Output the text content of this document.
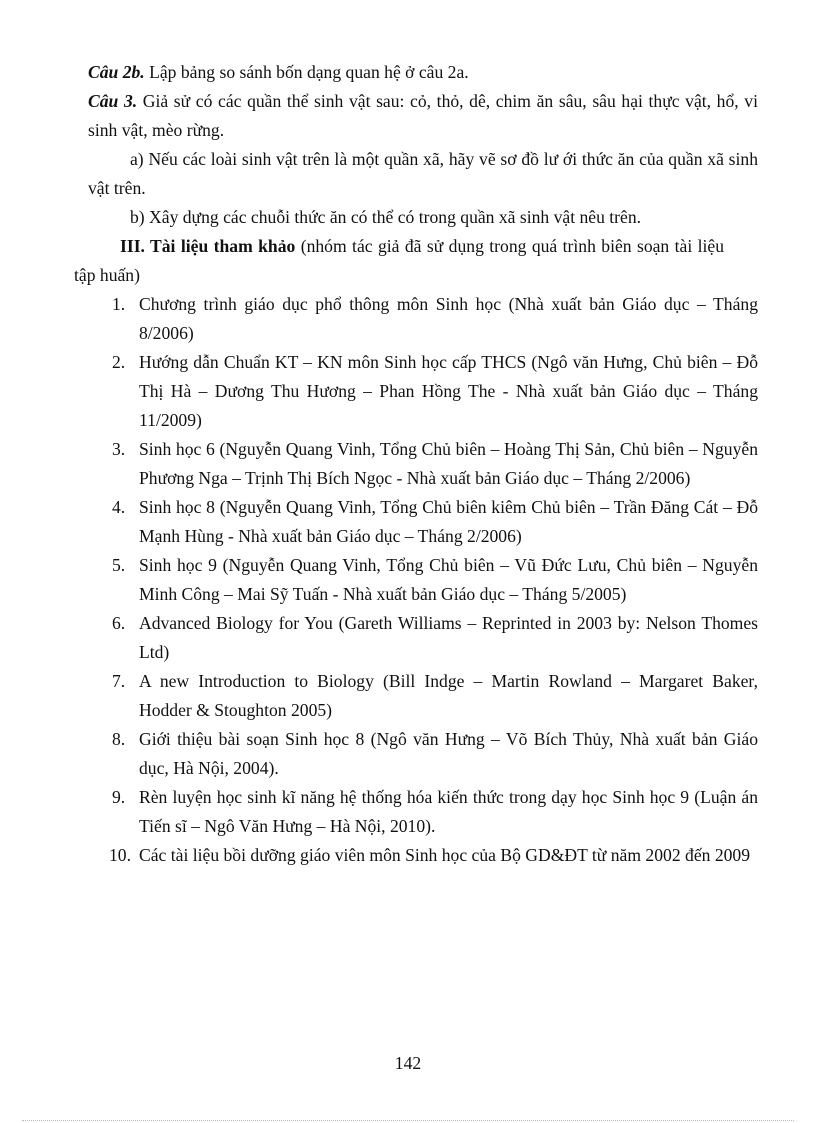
Câu 2b. Lập bảng so sánh bốn dạng quan hệ ở câu 2a.

Câu 3. Giả sử có các quần thể sinh vật sau: cỏ, thỏ, dê, chim ăn sâu, sâu hại thực vật, hổ, vi sinh vật, mèo rừng.

a) Nếu các loài sinh vật trên là một quần xã, hãy vẽ sơ đồ lư ới thức ăn của quần xã sinh vật trên.

b) Xây dựng các chuỗi thức ăn có thể có trong quần xã sinh vật nêu trên.

III. Tài liệu tham khảo (nhóm tác giả đã sử dụng trong quá trình biên soạn tài liệu tập huấn)

1. Chương trình giáo dục phổ thông môn Sinh học (Nhà xuất bản Giáo dục – Tháng 8/2006)
2. Hướng dẫn Chuẩn KT – KN môn Sinh học cấp THCS (Ngô văn Hưng, Chủ biên – Đỗ Thị Hà – Dương Thu Hương – Phan Hồng The - Nhà xuất bản Giáo dục – Tháng 11/2009)
3. Sinh học 6 (Nguyễn Quang Vinh, Tổng Chủ biên – Hoàng Thị Sản, Chủ biên – Nguyễn Phương Nga – Trịnh Thị Bích Ngọc - Nhà xuất bản Giáo dục – Tháng 2/2006)
4. Sinh học 8 (Nguyễn Quang Vinh, Tổng Chủ biên kiêm Chủ biên – Trần Đăng Cát – Đỗ Mạnh Hùng - Nhà xuất bản Giáo dục – Tháng 2/2006)
5. Sinh học 9 (Nguyễn Quang Vinh, Tổng Chủ biên – Vũ Đức Lưu, Chủ biên – Nguyễn Minh Công – Mai Sỹ Tuấn - Nhà xuất bản Giáo dục – Tháng 5/2005)
6. Advanced Biology for You (Gareth Williams – Reprinted in 2003 by: Nelson Thomes Ltd)
7. A new Introduction to Biology (Bill Indge – Martin Rowland – Margaret Baker, Hodder & Stoughton 2005)
8. Giới thiệu bài soạn Sinh học 8 (Ngô văn Hưng – Võ Bích Thủy, Nhà xuất bản Giáo dục, Hà Nội, 2004).
9. Rèn luyện học sinh kĩ năng hệ thống hóa kiến thức trong dạy học Sinh học 9 (Luận án Tiến sĩ – Ngô Văn Hưng – Hà Nội, 2010).
10. Các tài liệu bồi dưỡng giáo viên môn Sinh học của Bộ GD&ĐT từ năm 2002 đến 2009
142
